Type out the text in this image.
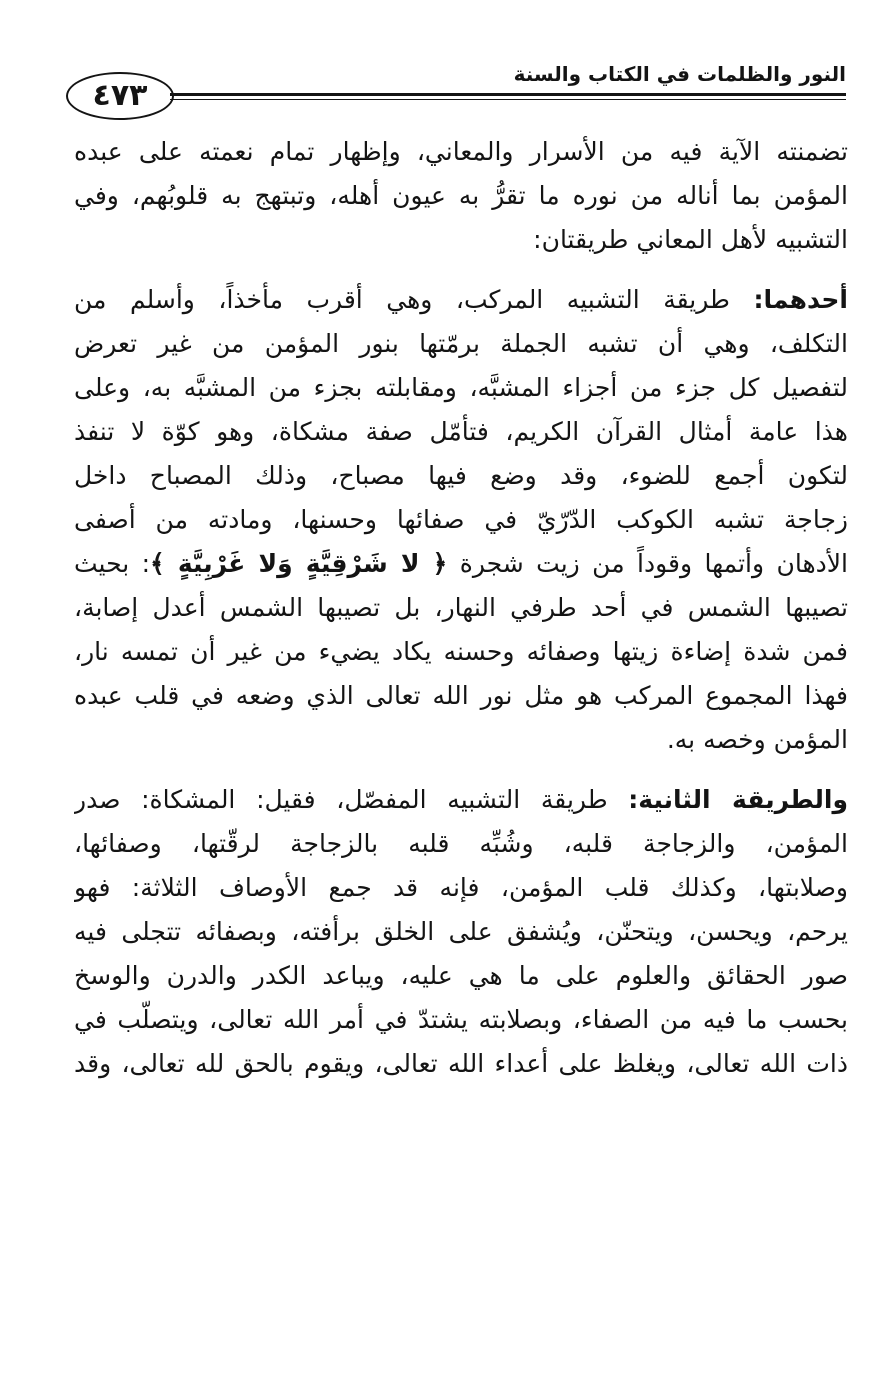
٤٧٣
النور والظلمات في الكتاب والسنة
تضمنته الآية فيه من الأسرار والمعاني، وإظهار تمام نعمته على عبده
المؤمن بما أناله من نوره ما تقرُّ به عيون أهله، وتبتهج به قلوبُهم، وفي
التشبيه لأهل المعاني طريقتان:
أحدهما: طريقة التشبيه المركب، وهي أقرب مأخذاً، وأسلم من
التكلف، وهي أن تشبه الجملة برمّتها بنور المؤمن من غير تعرض
لتفصيل كل جزء من أجزاء المشبَّه، ومقابلته بجزء من المشبَّه به، وعلى
هذا عامة أمثال القرآن الكريم، فتأمّل صفة مشكاة، وهو كوّة لا تنفذ
لتكون أجمع للضوء، وقد وضع فيها مصباح، وذلك المصباح داخل
زجاجة تشبه الكوكب الدّرّيّ في صفائها وحسنها، ومادته من أصفى
الأدهان وأتمها وقوداً من زيت شجرة ﴿ لا شَرْقِيَّةٍ وَلا غَرْبِيَّةٍ ﴾: بحيث
تصيبها الشمس في أحد طرفي النهار، بل تصيبها الشمس أعدل إصابة،
فمن شدة إضاءة زيتها وصفائه وحسنه يكاد يضيء من غير أن تمسه نار،
فهذا المجموع المركب هو مثل نور الله تعالى الذي وضعه في قلب عبده
المؤمن وخصه به.
والطريقة الثانية: طريقة التشبيه المفصّل، فقيل: المشكاة: صدر
المؤمن، والزجاجة قلبه، وشُبِّه قلبه بالزجاجة لرقّتها، وصفائها،
وصلابتها، وكذلك قلب المؤمن، فإنه قد جمع الأوصاف الثلاثة: فهو
يرحم، ويحسن، ويتحنّن، ويُشفق على الخلق برأفته، وبصفائه تتجلى فيه
صور الحقائق والعلوم على ما هي عليه، ويباعد الكدر والدرن والوسخ
بحسب ما فيه من الصفاء، وبصلابته يشتدّ في أمر الله تعالى، ويتصلّب في
ذات الله تعالى، ويغلظ على أعداء الله تعالى، ويقوم بالحق لله تعالى، وقد
